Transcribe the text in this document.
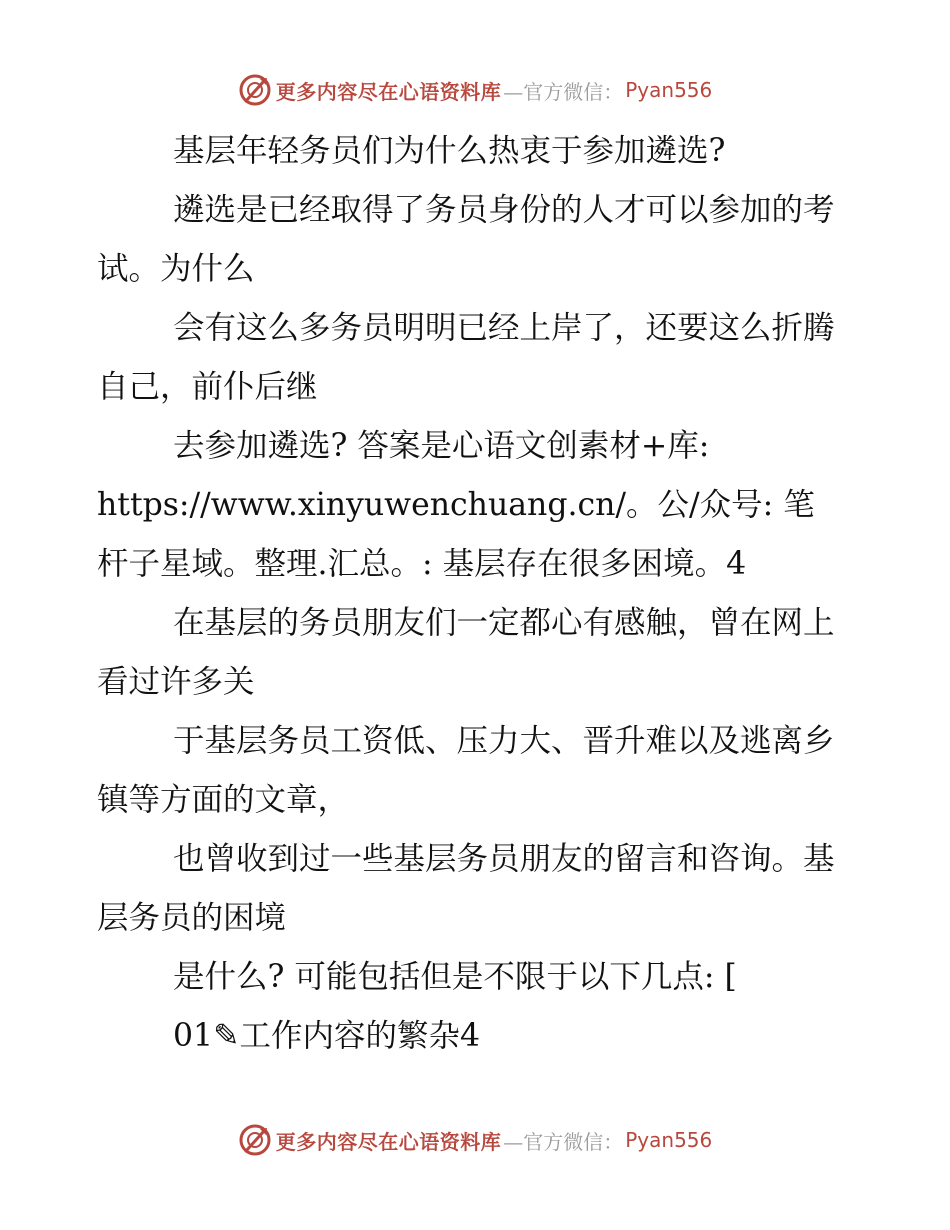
更多内容尽在心语资料库 —官方微信： Pyan556
基层年轻务员们为什么热衷于参加遴选?
遴选是已经取得了务员身份的人才可以参加的考
试。为什么
会有这么多务员明明已经上岸了，还要这么折腾
自己，前仆后继
去参加遴选? 答案是心语文创素材+库:
https://www.xinyuwenchuang.cn/。公/众号: 笔
杆子星域。整理.汇总。: 基层存在很多困境。4
在基层的务员朋友们一定都心有感触，曾在网上
看过许多关
于基层务员工资低、压力大、晋升难以及逃离乡
镇等方面的文章，
也曾收到过一些基层务员朋友的留言和咨询。基
层务员的困境
是什么? 可能包括但是不限于以下几点: [
01✎工作内容的繁杂4
更多内容尽在心语资料库 —官方微信： Pyan556
